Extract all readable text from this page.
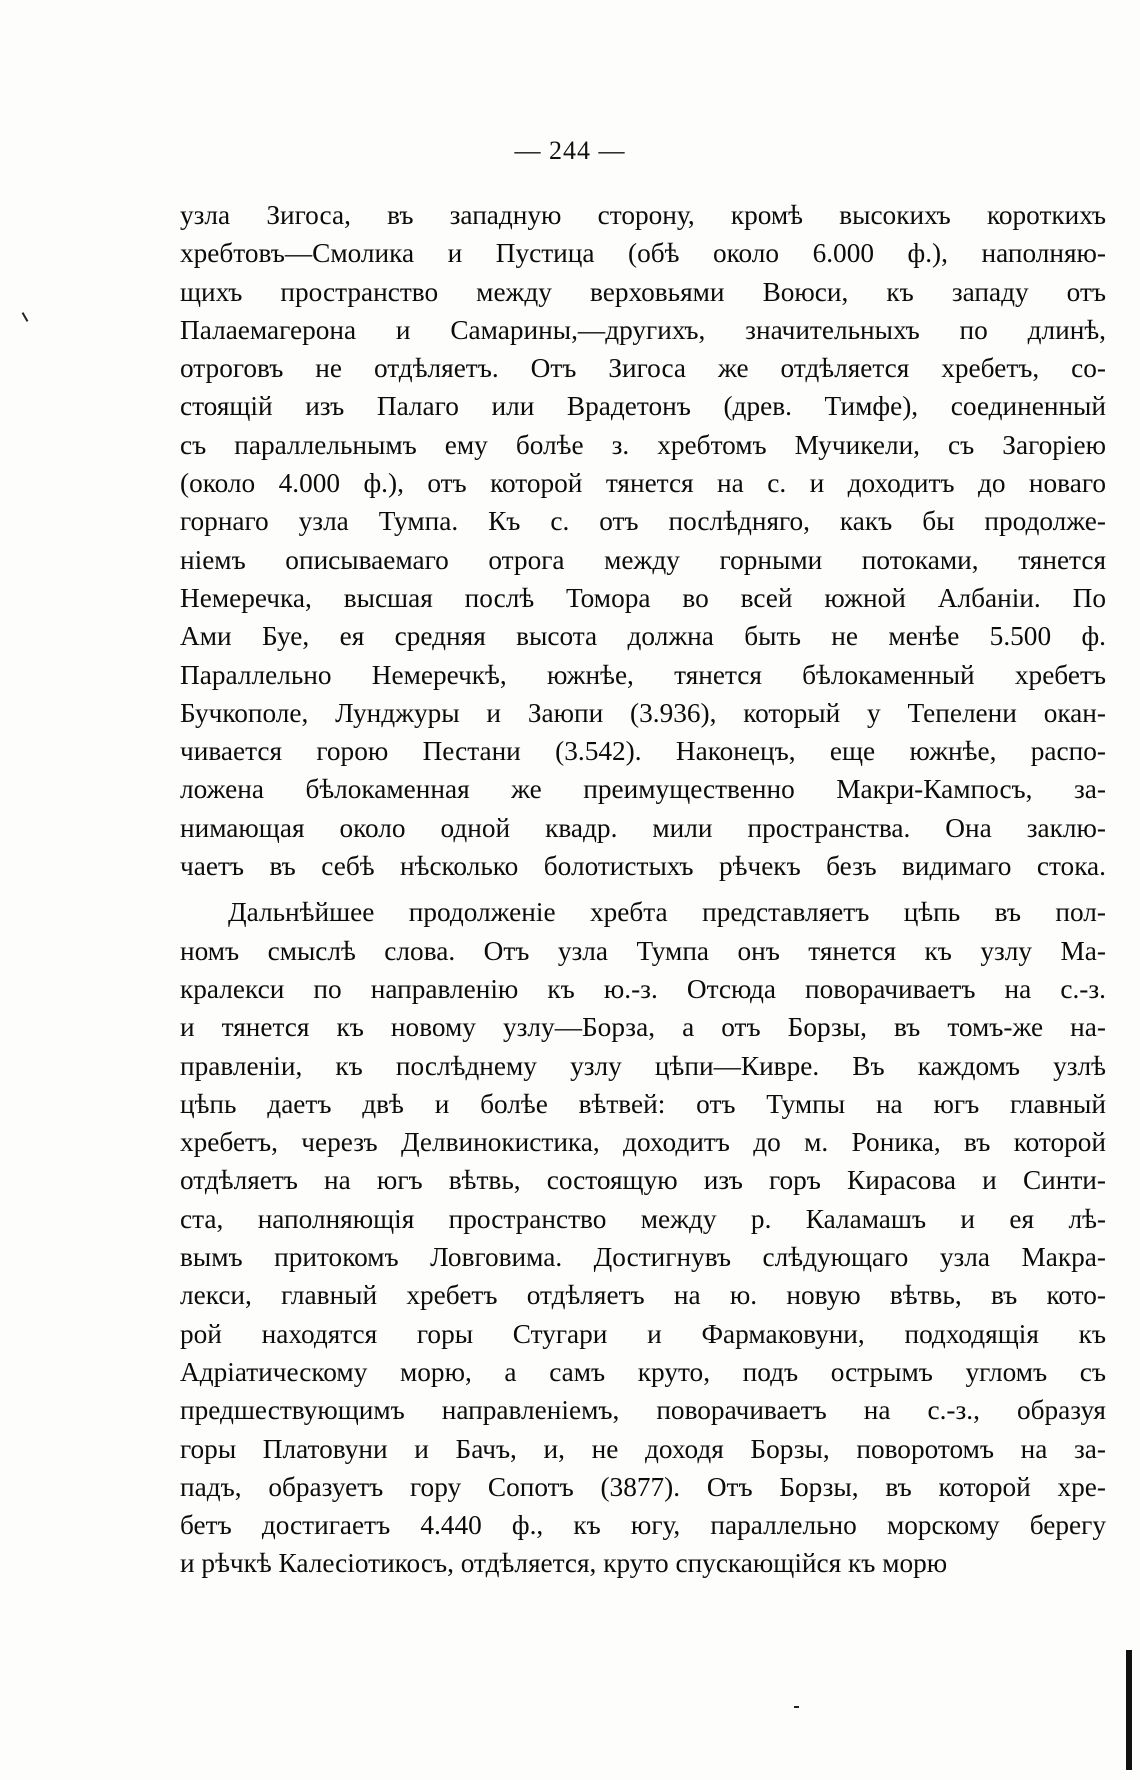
— 244 —
узла Зигоса, въ западную сторону, кромѣ высокихъ короткихъ
хребтовъ—Смолика и Пустица (обѣ около 6.000 ф.), наполняю-
щихъ пространство между верховьями Воюси, къ западу отъ
Палаемагерона и Самарины,—другихъ, значительныхъ по длинѣ,
отроговъ не отдѣляетъ. Отъ Зигоса же отдѣляется хребетъ, со-
стоящій изъ Палаго или Врадетонъ (древ. Тимфе), соединенный
съ параллельнымъ ему болѣе з. хребтомъ Мучикели, съ Загоріею
(около 4.000 ф.), отъ которой тянется на с. и доходитъ до новаго
горнаго узла Тумпа. Къ с. отъ послѣдняго, какъ бы продолже-
ніемъ описываемаго отрога между горными потоками, тянется
Немеречка, высшая послѣ Томора во всей южной Албаніи. По
Ами Буе, ея средняя высота должна быть не менѣе 5.500 ф.
Параллельно Немеречкѣ, южнѣе, тянется бѣлокаменный хребетъ
Бучкополе, Лунджуры и Заюпи (3.936), который у Тепелени окан-
чивается горою Пестани (3.542). Наконецъ, еще южнѣе, распо-
ложена бѣлокаменная же преимущественно Макри-Кампосъ, за-
нимающая около одной квадр. мили пространства. Она заклю-
чаетъ въ себѣ нѣсколько болотистыхъ рѣчекъ безъ видимаго стока.
Дальнѣйшее продолженіе хребта представляетъ цѣпь въ пол-
номъ смыслѣ слова. Отъ узла Тумпа онъ тянется къ узлу Ма-
кралекси по направленію къ ю.-з. Отсюда поворачиваетъ на с.-з.
и тянется къ новому узлу—Борза, а отъ Борзы, въ томъ-же на-
правленіи, къ послѣднему узлу цѣпи—Кивре. Въ каждомъ узлѣ
цѣпь даетъ двѣ и болѣе вѣтвей: отъ Тумпы на югъ главный
хребетъ, черезъ Делвинокистика, доходитъ до м. Роника, въ которой
отдѣляетъ на югъ вѣтвь, состоящую изъ горъ Кирасова и Синти-
ста, наполняющія пространство между р. Каламашъ и ея лѣ-
вымъ притокомъ Ловговима. Достигнувъ слѣдующаго узла Макра-
лекси, главный хребетъ отдѣляетъ на ю. новую вѣтвь, въ кото-
рой находятся горы Стугари и Фармаковуни, подходящія къ
Адріатическому морю, а самъ круто, подъ острымъ угломъ съ
предшествующимъ направленіемъ, поворачиваетъ на с.-з., образуя
горы Платовуни и Бачъ, и, не доходя Борзы, поворотомъ на за-
падъ, образуетъ гору Сопотъ (3877). Отъ Борзы, въ которой хре-
бетъ достигаетъ 4.440 ф., къ югу, параллельно морскому берегу
и рѣчкѣ Калесіотикосъ, отдѣляется, круто спускающійся къ морю
